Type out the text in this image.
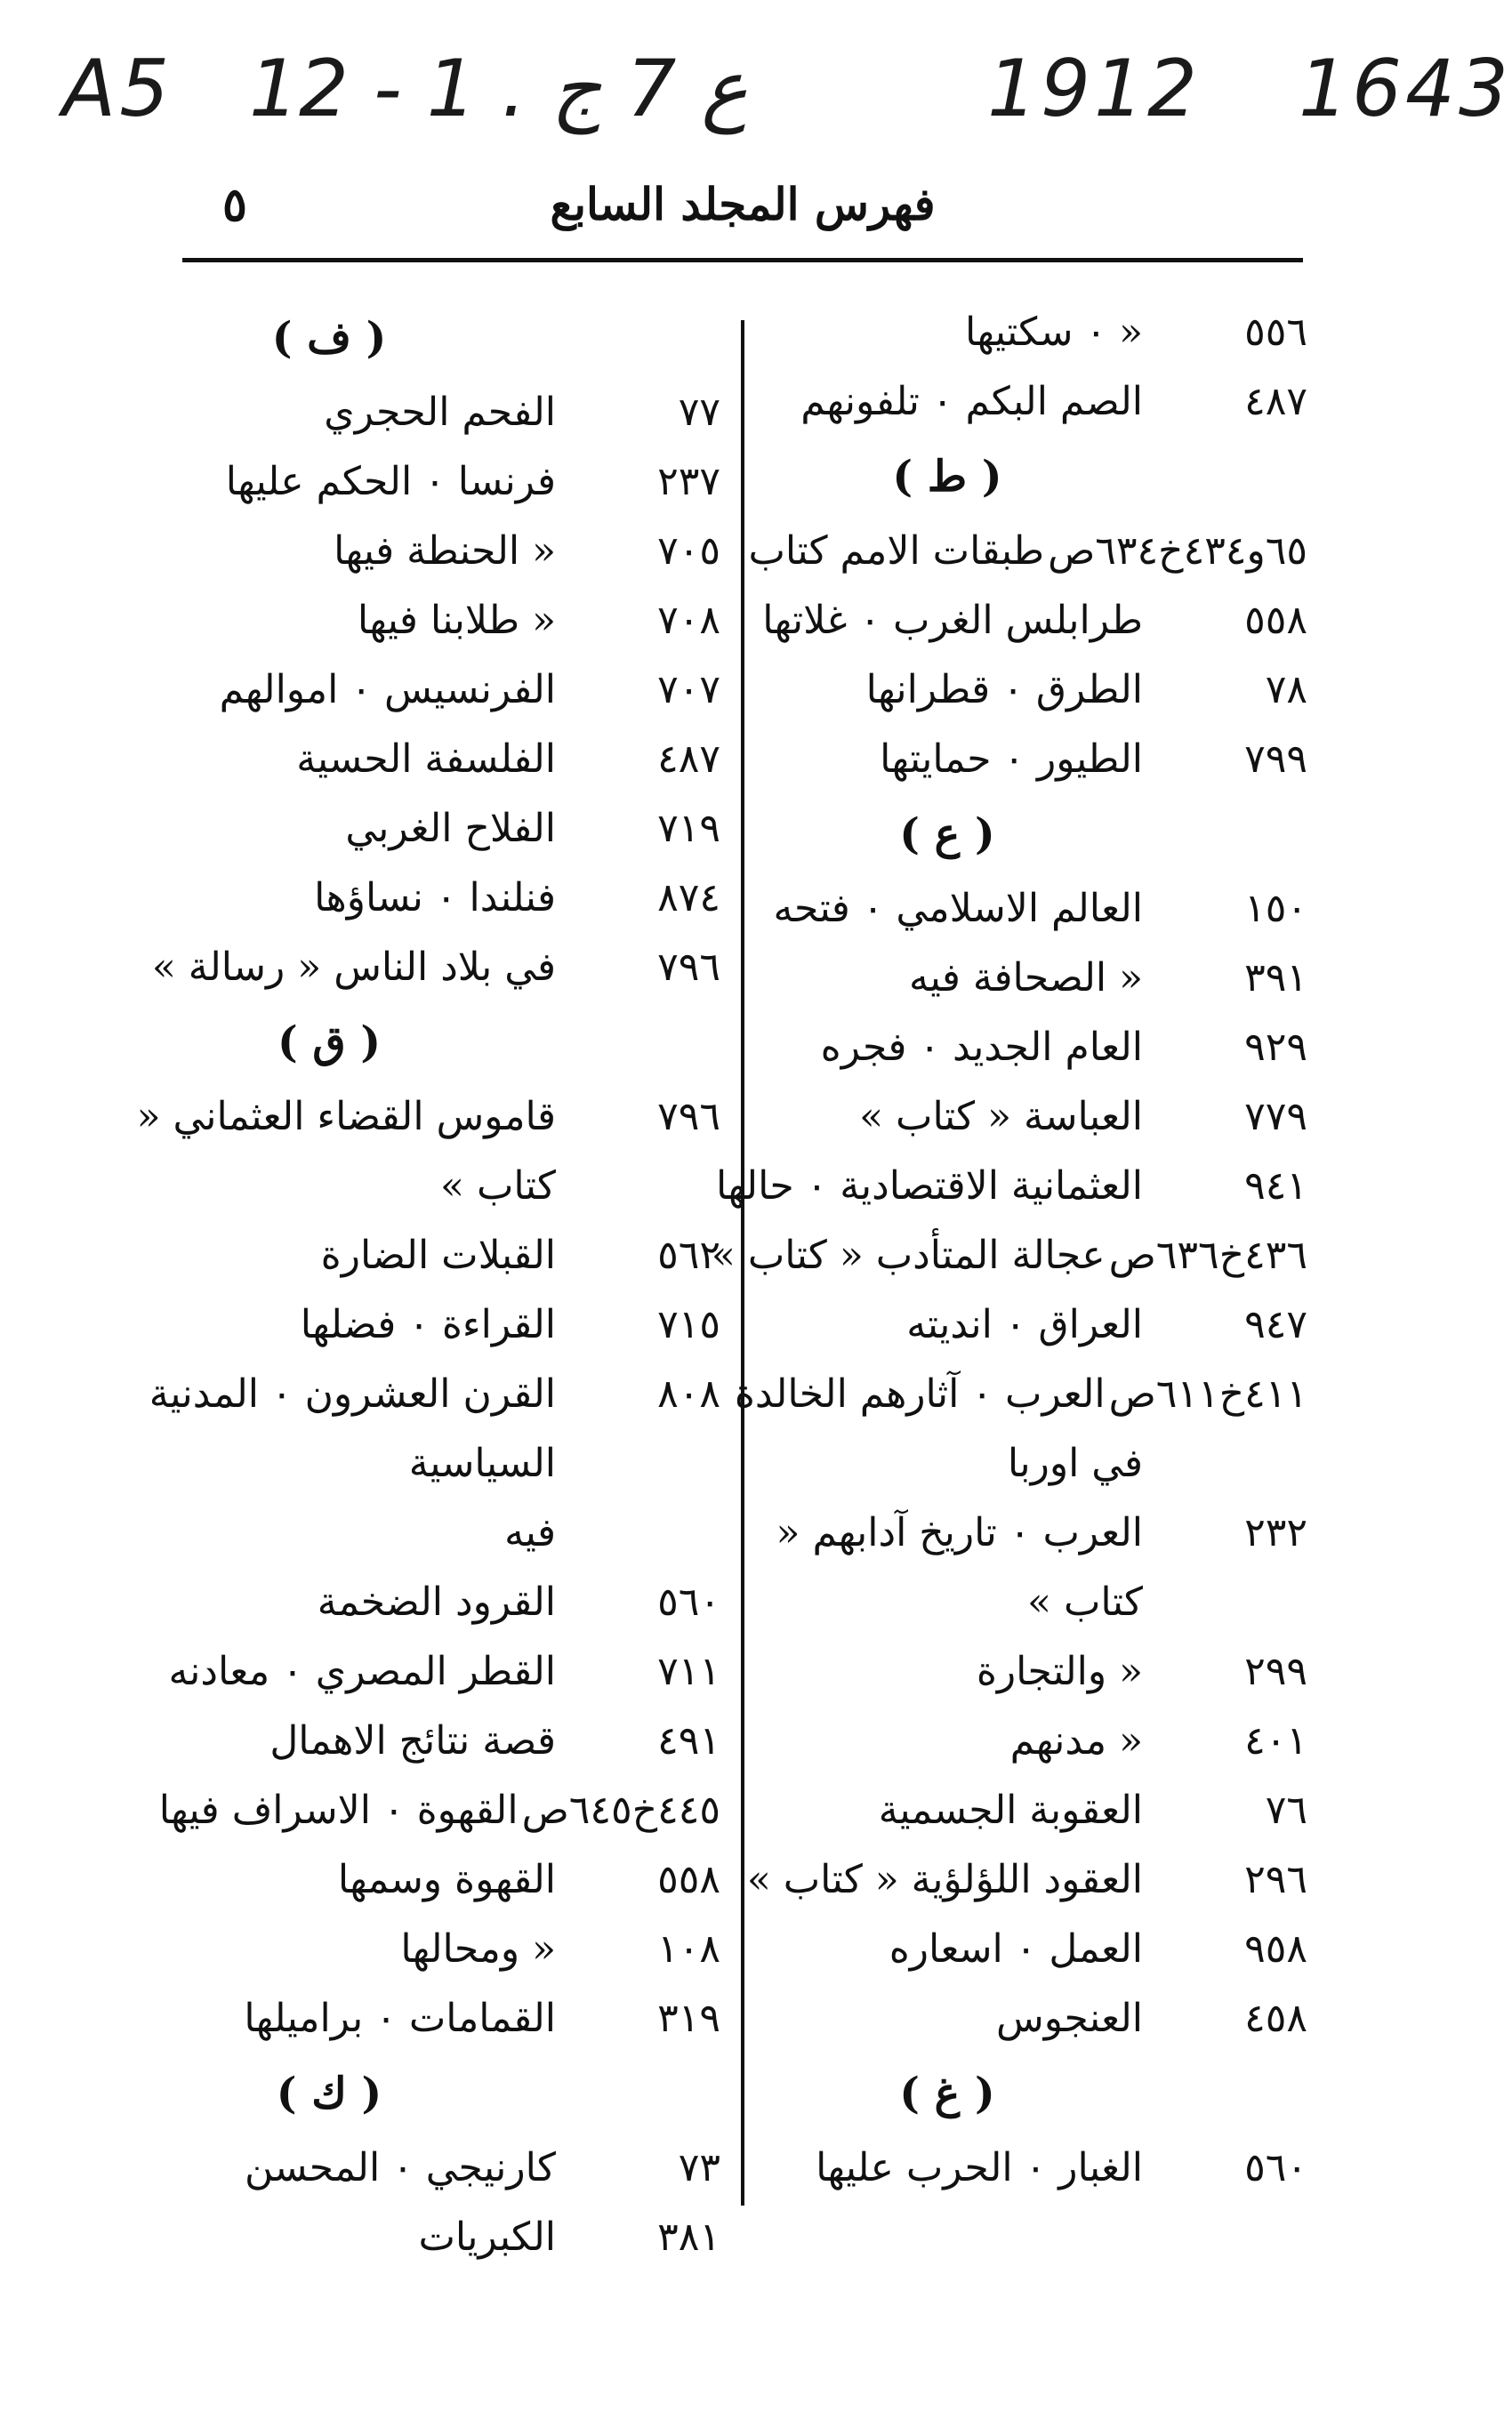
A5 12 - 1 . ع 7 ج	1912 1643
٥	فهرس المجلد السابع
٥٥٦
« ٠ سكتيها
٤٨٧
الصم البكم ٠ تلفونهم
( ط )
٦٥و٤٣٤خ٦٣٤ص
طبقات الامم كتاب
٥٥٨
طرابلس الغرب ٠ غلاتها
٧٨
الطرق ٠ قطرانها
٧٩٩
الطيور ٠ حمايتها
( ع )
١٥٠
العالم الاسلامي ٠ فتحه
٣٩١
« الصحافة فيه
٩٢٩
العام الجديد ٠ فجره
٧٧٩
العباسة « كتاب »
٩٤١
العثمانية الاقتصادية ٠ حالها
٤٣٦خ٦٣٦ص
عجالة المتأدب « كتاب »
٩٤٧
العراق ٠ انديته
٤١١خ٦١١ص
العرب ٠ آثارهم الخالدة
في اوربا
٢٣٢
العرب ٠ تاريخ آدابهم « كتاب »
٢٩٩
« والتجارة
٤٠١
« مدنهم
٧٦
العقوبة الجسمية
٢٩٦
العقود اللؤلؤية « كتاب »
٩٥٨
العمل ٠ اسعاره
٤٥٨
العنجوس
( غ )
٥٦٠
الغبار ٠ الحرب عليها
( ف )
٧٧
الفحم الحجري
٢٣٧
فرنسا ٠ الحكم عليها
٧٠٥
« الحنطة فيها
٧٠٨
« طلابنا فيها
٧٠٧
الفرنسيس ٠ اموالهم
٤٨٧
الفلسفة الحسية
٧١٩
الفلاح الغربي
٨٧٤
فنلندا ٠ نساؤها
٧٩٦
في بلاد الناس « رسالة »
( ق )
٧٩٦
قاموس القضاء العثماني « كتاب »
٥٦٢
القبلات الضارة
٧١٥
القراءة ٠ فضلها
٨٠٨
القرن العشرون ٠ المدنية السياسية
فيه
٥٦٠
القرود الضخمة
٧١١
القطر المصري ٠ معادنه
٤٩١
قصة نتائج الاهمال
٤٤٥خ٦٤٥ص
القهوة ٠ الاسراف فيها
٥٥٨
القهوة وسمها
١٠٨
« ومحالها
٣١٩
القمامات ٠ براميلها
( ك )
٧٣
كارنيجي ٠ المحسن
٣٨١
الكبريات
